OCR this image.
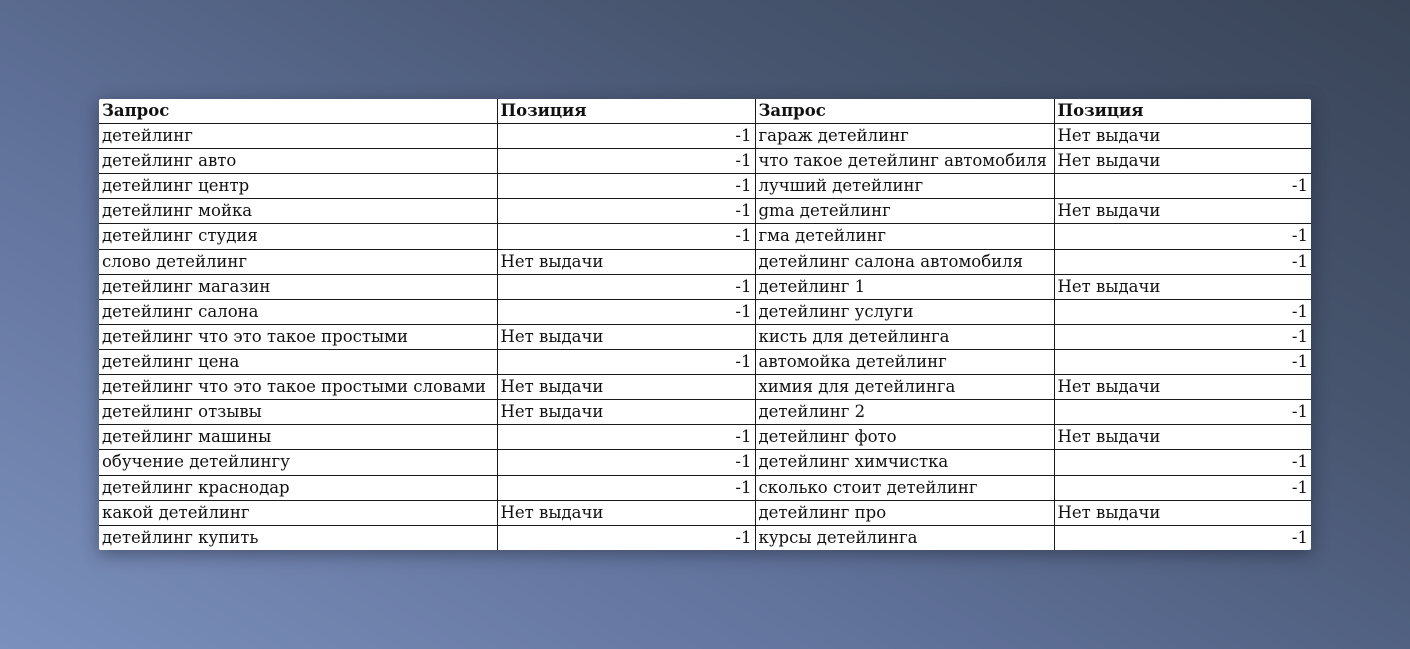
Запрос	Позиция	Запрос	Позиция
детейлинг	-1	гараж детейлинг	Нет выдачи
детейлинг авто	-1	что такое детейлинг автомобиля	Нет выдачи
детейлинг центр	-1	лучший детейлинг	-1
детейлинг мойка	-1	gma детейлинг	Нет выдачи
детейлинг студия	-1	гма детейлинг	-1
слово детейлинг	Нет выдачи	детейлинг салона автомобиля	-1
детейлинг магазин	-1	детейлинг 1	Нет выдачи
детейлинг салона	-1	детейлинг услуги	-1
детейлинг что это такое простыми	Нет выдачи	кисть для детейлинга	-1
детейлинг цена	-1	автомойка детейлинг	-1
детейлинг что это такое простыми словами	Нет выдачи	химия для детейлинга	Нет выдачи
детейлинг отзывы	Нет выдачи	детейлинг 2	-1
детейлинг машины	-1	детейлинг фото	Нет выдачи
обучение детейлингу	-1	детейлинг химчистка	-1
детейлинг краснодар	-1	сколько стоит детейлинг	-1
какой детейлинг	Нет выдачи	детейлинг про	Нет выдачи
детейлинг купить	-1	курсы детейлинга	-1
